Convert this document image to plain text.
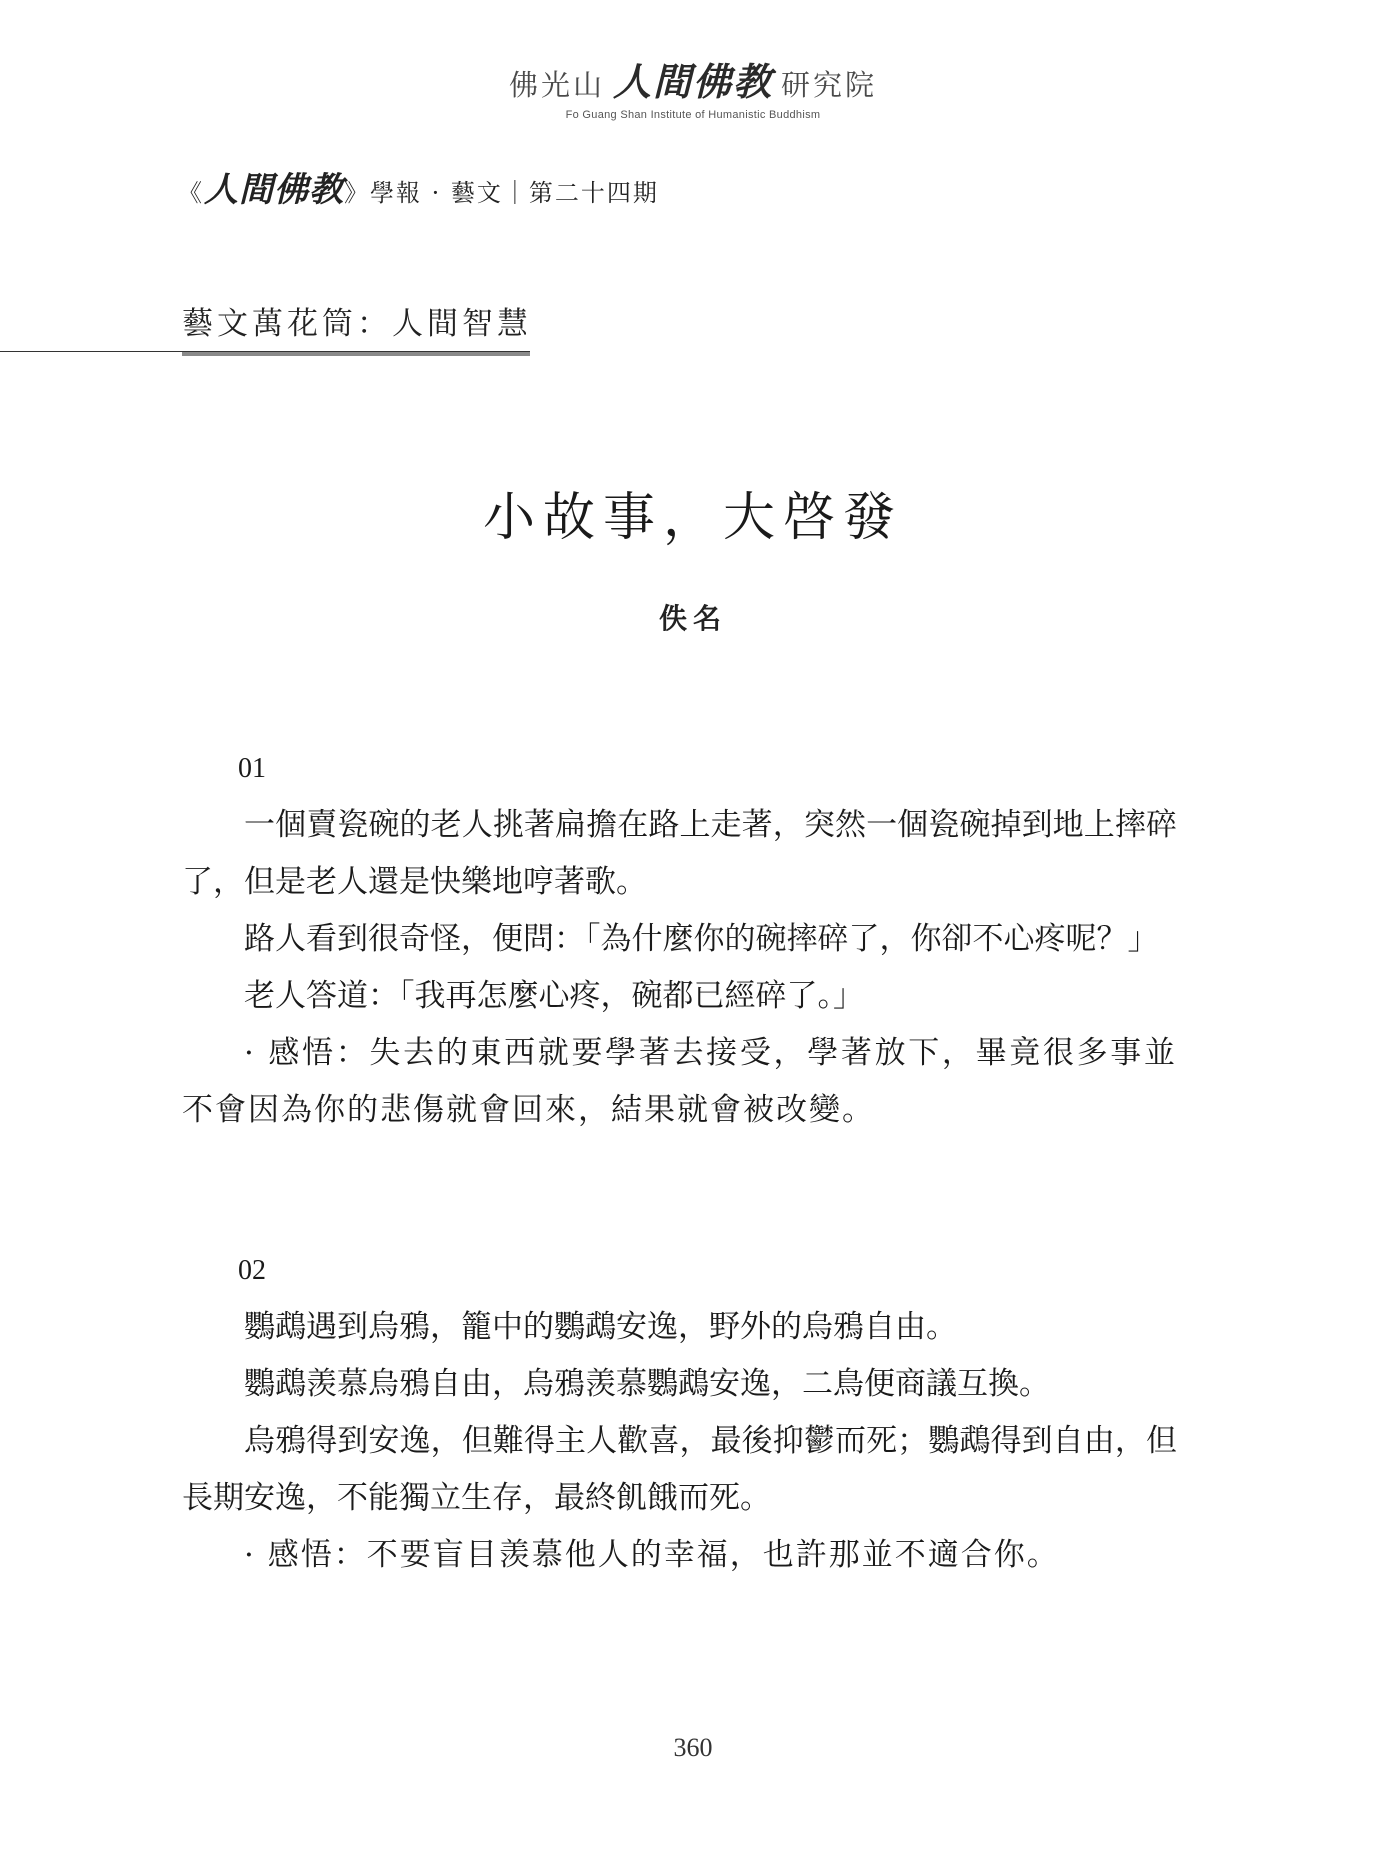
佛光山 人間佛教 研究院
Fo Guang Shan Institute of Humanistic Buddhism
《人間佛教》學報 · 藝文｜第二十四期
藝文萬花筒：人間智慧
小故事，大啓發
佚名

01

一個賣瓷碗的老人挑著扁擔在路上走著，突然一個瓷碗掉到地上摔碎了，但是老人還是快樂地哼著歌。

路人看到很奇怪，便問：「為什麼你的碗摔碎了，你卻不心疼呢？」

老人答道：「我再怎麼心疼，碗都已經碎了。」

· 感悟：失去的東西就要學著去接受，學著放下，畢竟很多事並不會因為你的悲傷就會回來，結果就會被改變。

02

鸚鵡遇到烏鴉，籠中的鸚鵡安逸，野外的烏鴉自由。

鸚鵡羡慕烏鴉自由，烏鴉羡慕鸚鵡安逸，二鳥便商議互換。

烏鴉得到安逸，但難得主人歡喜，最後抑鬱而死；鸚鵡得到自由，但長期安逸，不能獨立生存，最終飢餓而死。

· 感悟：不要盲目羡慕他人的幸福，也許那並不適合你。

360
